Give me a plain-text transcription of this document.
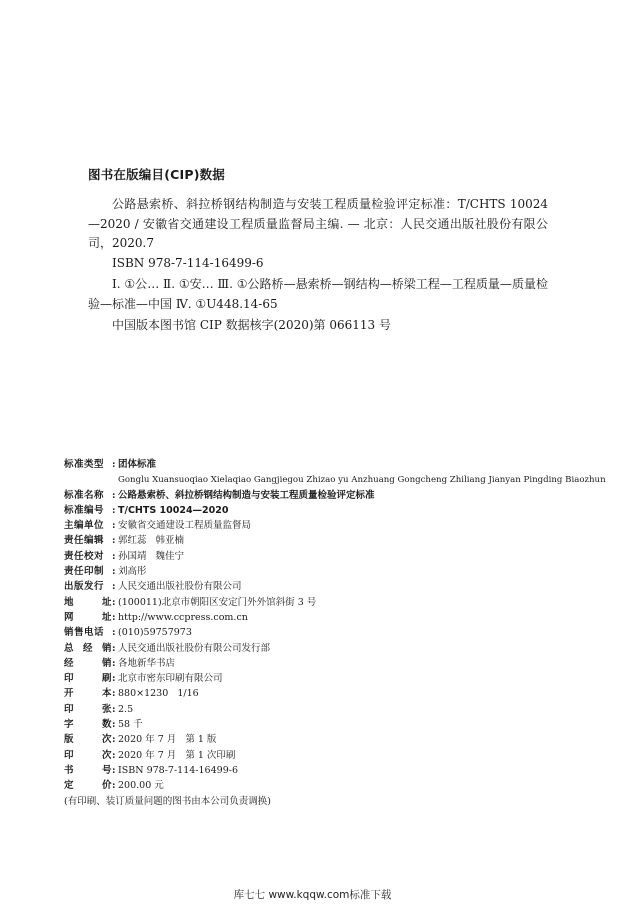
图书在版编目(CIP)数据

公路悬索桥、斜拉桥钢结构制造与安装工程质量检验评定标准：T/CHTS 10024—2020 / 安徽省交通建设工程质量监督局主编. — 北京：人民交通出版社股份有限公司，2020.7

ISBN 978-7-114-16499-6

Ⅰ. ①公… Ⅱ. ①安… Ⅲ. ①公路桥—悬索桥—钢结构—桥梁工程—工程质量—质量检验—标准—中国 Ⅳ. ①U448.14-65

中国版本图书馆 CIP 数据核字(2020)第 066113 号

标准类型 : 团体标准
Gonglu Xuansuoqiao Xielaqiao Gangjiegou Zhizao yu Anzhuang Gongcheng Zhiliang Jianyan Pingding Biaozhun
标准名称 : 公路悬索桥、斜拉桥钢结构制造与安装工程质量检验评定标准
标准编号 : T/CHTS 10024—2020
主编单位 : 安徽省交通建设工程质量监督局
责任编辑 : 郭红蕊   韩亚楠
责任校对 : 孙国靖   魏佳宁
责任印制 : 刘高彤
出版发行 : 人民交通出版社股份有限公司
地址: (100011)北京市朝阳区安定门外外馆斜街 3 号
网址: http://www.ccpress.com.cn
销售电话 : (010)59757973
总经销: 人民交通出版社股份有限公司发行部
经销: 各地新华书店
印刷: 北京市密东印刷有限公司
开本: 880×1230   1/16
印张: 2.5
字数: 58 千
版次: 2020 年 7 月   第 1 版
印次: 2020 年 7 月   第 1 次印刷
书号: ISBN 978-7-114-16499-6
定价: 200.00 元
(有印刷、装订质量问题的图书由本公司负责调换)
库七七 www.kqqw.com标准下载
